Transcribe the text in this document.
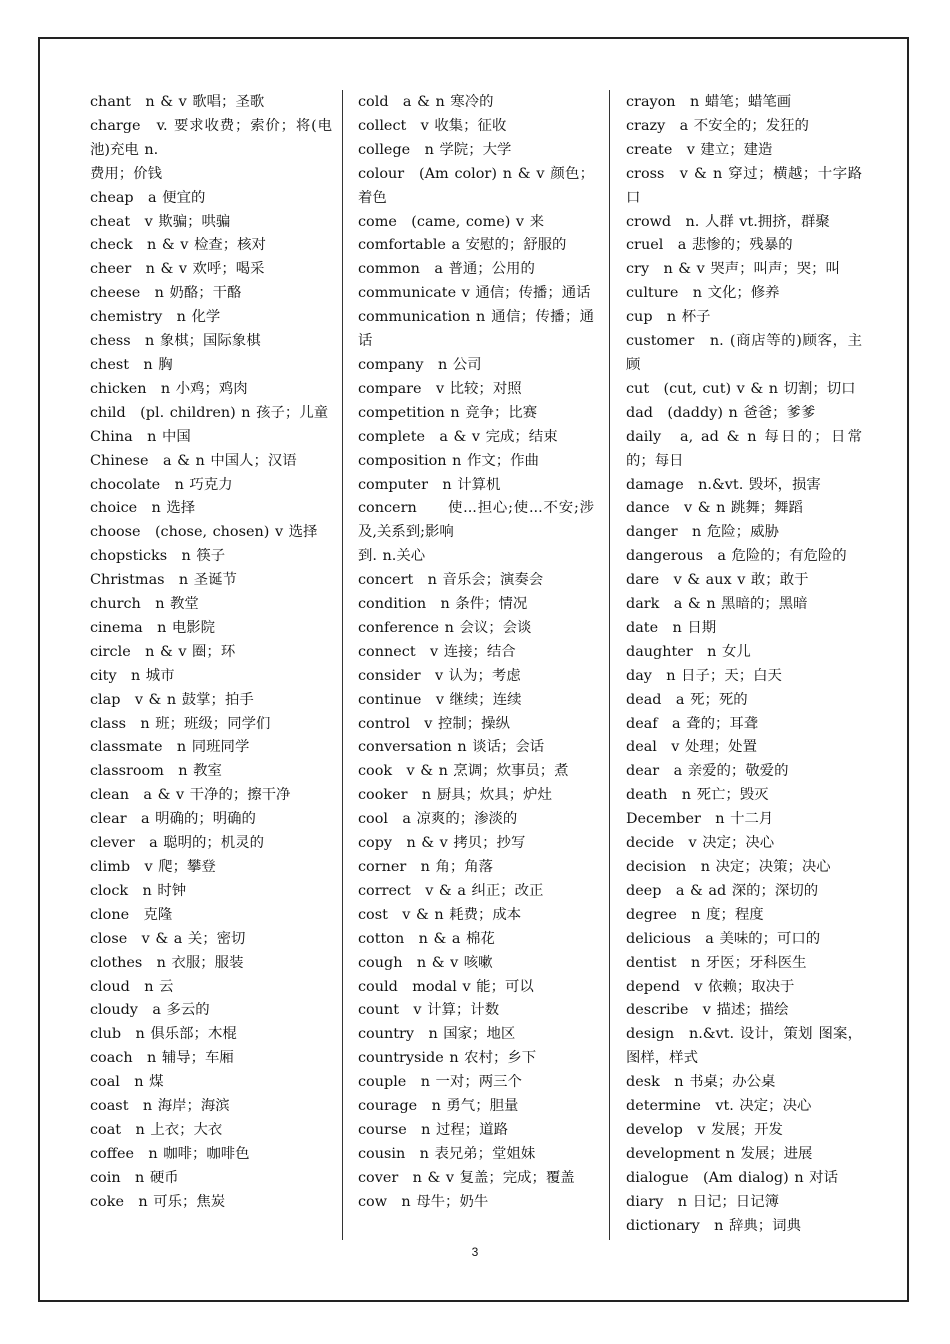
chant　n & v 歌唱；圣歌
charge　v. 要求收费；索价；将(电池)充电 n.
费用；价钱
cheap　a 便宜的
cheat　v 欺骗；哄骗
check　n & v 检查；核对
cheer　n & v 欢呼；喝采
cheese　n 奶酪；干酪
chemistry　n 化学
chess　n 象棋；国际象棋
chest　n 胸
chicken　n 小鸡；鸡肉
child　(pl. children) n 孩子；儿童
China　n 中国
Chinese　a & n 中国人；汉语
chocolate　n 巧克力
choice　n 选择
choose　(chose, chosen) v 选择
chopsticks　n 筷子
Christmas　n 圣诞节
church　n 教堂
cinema　n 电影院
circle　n & v 圈；环
city　n 城市
clap　v & n 鼓掌；拍手
class　n 班；班级；同学们
classmate　n 同班同学
classroom　n 教室
clean　a & v 干净的；擦干净
clear　a 明确的；明确的
clever　a 聪明的；机灵的
climb　v 爬；攀登
clock　n 时钟
clone　克隆
close　v & a 关；密切
clothes　n 衣服；服装
cloud　n 云
cloudy　a 多云的
club　n 俱乐部；木棍
coach　n 辅导；车厢
coal　n 煤
coast　n 海岸；海滨
coat　n 上衣；大衣
coffee　n 咖啡；咖啡色
coin　n 硬币
coke　n 可乐；焦炭
cold　a & n 寒冷的
collect　v 收集；征收
college　n 学院；大学
colour　(Am color) n & v 颜色；着色
come　(came, come) v 来
comfortable a 安慰的；舒服的
common　a 普通；公用的
communicate v 通信；传播；通话
communication n 通信；传播；通话
company　n 公司
compare　v 比较；对照
competition n 竞争；比赛
complete　a & v 完成；结束
composition n 作文；作曲
computer　n 计算机
concern　　使...担心;使...不安;涉及,关系到;影响
到. n.关心
concert　n 音乐会；演奏会
condition　n 条件；情况
conference n 会议；会谈
connect　v 连接；结合
consider　v 认为；考虑
continue　v 继续；连续
control　v 控制；操纵
conversation n 谈话；会话
cook　v & n 烹调；炊事员；煮
cooker　n 厨具；炊具；炉灶
cool　a 凉爽的；渗淡的
copy　n & v 拷贝；抄写
corner　n 角；角落
correct　v & a 纠正；改正
cost　v & n 耗费；成本
cotton　n & a 棉花
cough　n & v 咳嗽
could　modal v 能；可以
count　v 计算；计数
country　n 国家；地区
countryside n 农村；乡下
couple　n 一对；两三个
courage　n 勇气；胆量
course　n 过程；道路
cousin　n 表兄弟；堂姐妹
cover　n & v 复盖；完成；覆盖
cow　n 母牛；奶牛
crayon　n 蜡笔；蜡笔画
crazy　a 不安全的；发狂的
create　v 建立；建造
cross　v & n 穿过；横越；十字路口
crowd　n. 人群 vt.拥挤，群聚
cruel　a 悲惨的；残暴的
cry　n & v 哭声；叫声；哭；叫
culture　n 文化；修养
cup　n 杯子
customer　n. (商店等的)顾客，主顾
cut　(cut, cut) v & n 切割；切口
dad　(daddy) n 爸爸；爹爹
daily　a, ad & n 每日的；日常的；每日
damage　n.&vt. 毁坏，损害
dance　v & n 跳舞；舞蹈
danger　n 危险；威胁
dangerous　a 危险的；有危险的
dare　v & aux v 敢；敢于
dark　a & n 黑暗的；黑暗
date　n 日期
daughter　n 女儿
day　n 日子；天；白天
dead　a 死；死的
deaf　a 聋的；耳聋
deal　v 处理；处置
dear　a 亲爱的；敬爱的
death　n 死亡；毁灭
December　n 十二月
decide　v 决定；决心
decision　n 决定；决策；决心
deep　a & ad 深的；深切的
degree　n 度；程度
delicious　a 美味的；可口的
dentist　n 牙医；牙科医生
depend　v 依赖；取决于
describe　v 描述；描绘
design　n.&vt. 设计，策划 图案，图样，样式
desk　n 书桌；办公桌
determine　vt. 决定；决心
develop　v 发展；开发
development n 发展；进展
dialogue　(Am dialog) n 对话
diary　n 日记；日记簿
dictionary　n 辞典；词典
3
